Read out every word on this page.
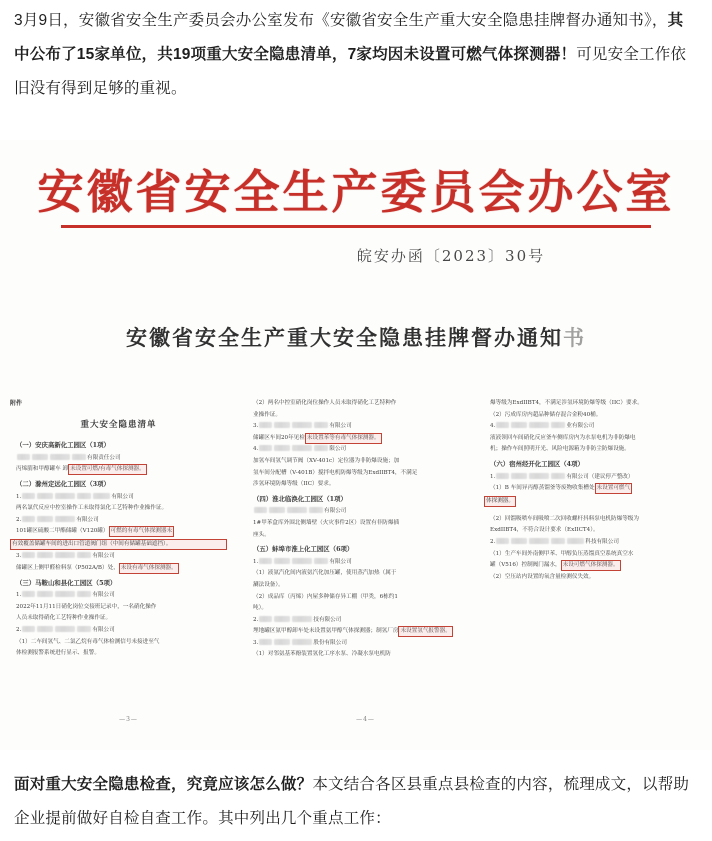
3月9日，安徽省安全生产委员会办公室发布《安徽省安全生产重大安全隐患挂牌督办通知书》，其中公布了15家单位，共19项重大安全隐患清单，7家均因未设置可燃气体探测器！可见安全工作依旧没有得到足够的重视。
安徽省安全生产委员会办公室
皖安办函〔2023〕30号
安徽省安全生产重大安全隐患挂牌督办通知书
附件
重大安全隐患清单
（一）安庆高新化工园区（1项）
有限责任公司
丙烯腈和甲醇罐车 卸 未设置可燃/有毒气体探测器。
（二）滁州定远化工园区（3项）
1.	有限公司
两名氯代反应中控室操作工未取得氯化工艺特种作业操作证。
2.	有限公司
101罐区硫酸二甲酯储罐（V120罐） 可燃的有毒气体探测器未
有效覆盖储罐车间的进出口管道阀门组（中间有储罐基础遮挡）。
3.	有限公司
储罐区上侧甲醛检料泵（P502A/B）处， 未设有毒气体探测器。
（三）马鞍山和县化工园区（5项）
1.	有限公司
2022年11月11日硝化岗位交接班记录中，一名硝化操作
人员未取得硝化工艺特种作业操作证。
2.	有限公司
（1）二车间氢气、二氯乙烷有毒气体检测信号未接进至气
体检测报警系统进行显示、报警。
—3—
（2）两名中控室硝化岗位操作人员未取得硝化工艺特种作
业操作证。
3.	有限公司
储罐区车间20年见检 未设置苯等有毒气体探测器。
4.	限公司
加氢车间氢气调节阀（XV-401c）定位器为非防爆设施；加
氢车间分配槽（V-401B）搅拌电机防爆等级为ExdIIBT4，不满足
涉氢环境防爆等级（IIC）要求。
（四）淮北临涣化工园区（1项）
有限公司
1#甲苯盒库外围北侧墙壁（火灾事件2区）设置有非防爆插
座头。
（五）蚌埠市淮上化工园区（6项）
1.	有限公司
（1）液氨汽化间内液氨汽化加压罐，使用蒸汽加热（属于
涮法设备）。
（2）成品库（丙烯）内屋多种储存异工棚（甲类，6栋约1
吨）。
2.	技有限公司
埋地罐区氨甲醇卸车处未设置氨甲醇气体探测器；制氢厂房 未设置氢气报警器。
3.	股份有限公司
（1）对邻氨基苯酚装置氢化工序水泵、冷凝水泵电机防
—4—
爆等级为ExdIIBT4，不满足涉氢环境防爆等级（IIC）要求。
（2）污成库房内超品种储存混合金粉40桶。
4.	业有限公司
液液领回车间硝化反应釜车侧库房内为水泵电机为非防爆电
机；操作车间照明开光、风险电源箱为非防尘防爆设施。
（六）宿州经开化工园区（4项）
1.	有限公司（建议停产整改）
（1）B 车间异丙醇蒸馏釜等废物收集槽处 未设置可燃气
体探测器。
（2）回馏吸喷车间吸喷二次回收螺杆抖料泵电机防爆等级为
ExdIIBT4，不符合设计要求（ExIICT4）。
2.	科技有限公司
（1）生产车间外南侧甲苯、甲醇负压蒸馏真空系统真空水
罐（V516）控制阀门漏水， 未设可燃气体探测器。
（2）空压站内设置的氧含量检测仪失效。
面对重大安全隐患检查，究竟应该怎么做？本文结合各区县重点县检查的内容，梳理成文，以帮助企业提前做好自检自查工作。其中列出几个重点工作：
